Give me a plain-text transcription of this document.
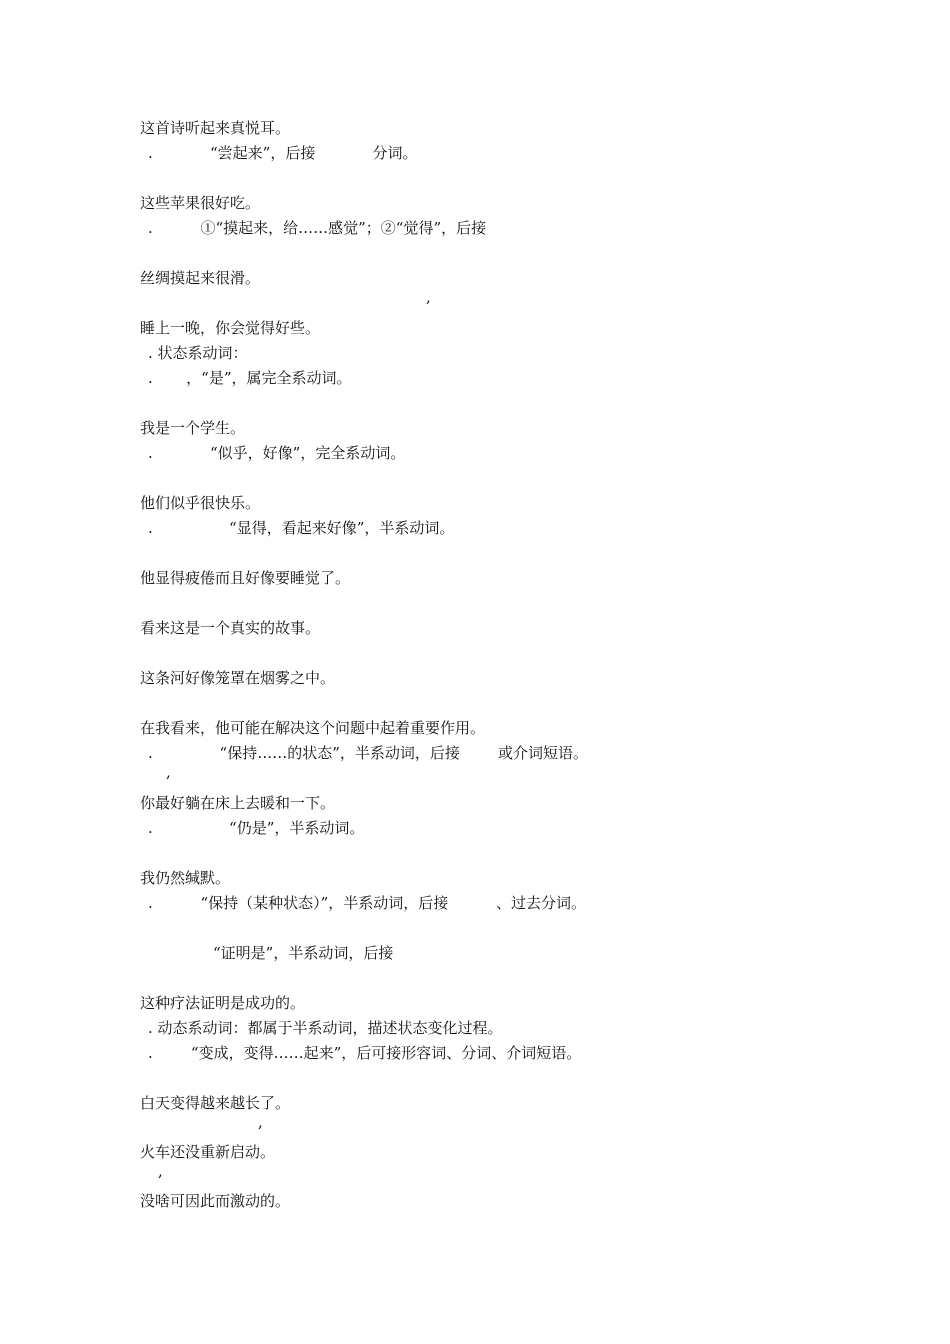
这首诗听起来真悦耳。

.            “尝起来”，后接            分词。

这些苹果很好吃。

.          ①“摸起来，给……感觉”；②“觉得”，后接

丝绸摸起来很滑。

,

睡上一晚，你会觉得好些。

. 状态系动词：

.       ，“是”，属完全系动词。

我是一个学生。

.            “似乎，好像”，完全系动词。

他们似乎很快乐。

.                “显得，看起来好像”，半系动词。

他显得疲倦而且好像要睡觉了。

看来这是一个真实的故事。

这条河好像笼罩在烟雾之中。

在我看来，他可能在解决这个问题中起着重要作用。

.              “保持……的状态”，半系动词，后接        或介词短语。

,

你最好躺在床上去暖和一下。

.                “仍是”，半系动词。

我仍然缄默。

.          “保持（某种状态）”，半系动词，后接          、过去分词。

“证明是”，半系动词，后接

这种疗法证明是成功的。

. 动态系动词：都属于半系动词，描述状态变化过程。

.        “变成，变得……起来”，后可接形容词、分词、介词短语。

白天变得越来越长了。

,

火车还没重新启动。

,

没啥可因此而激动的。
